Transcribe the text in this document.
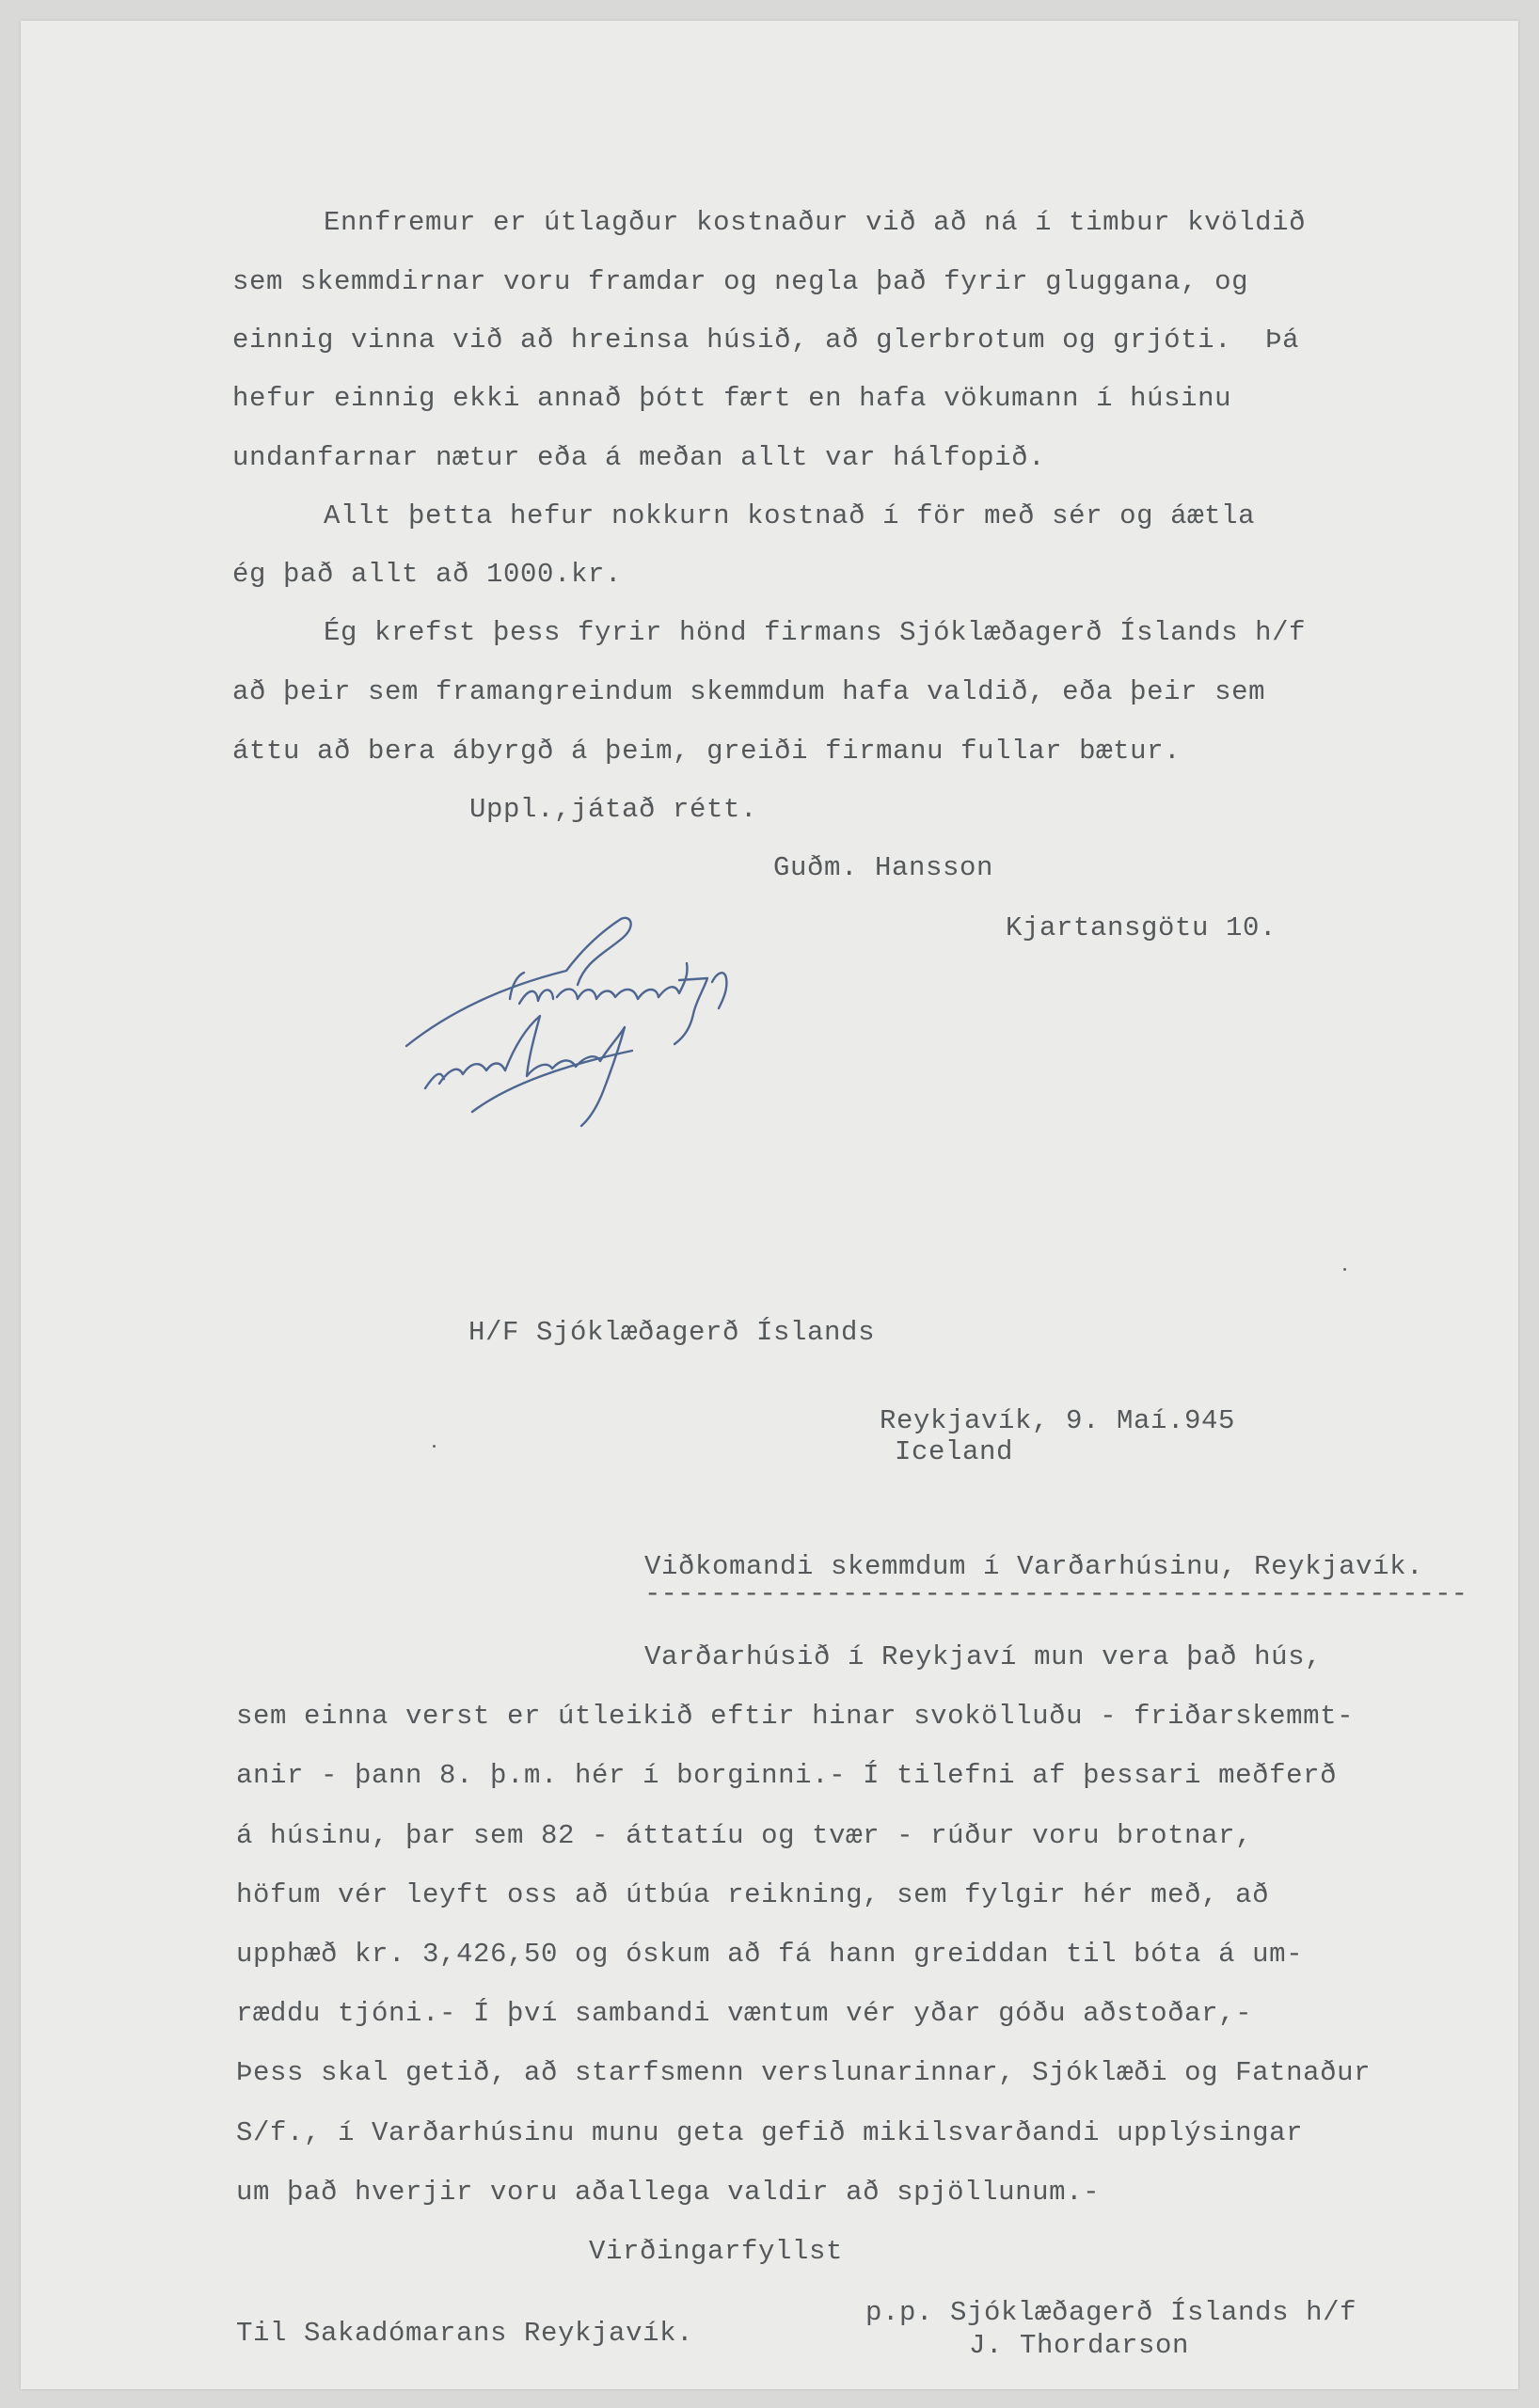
Ennfremur er útlagður kostnaður við að ná í timbur kvöldið
sem skemmdirnar voru framdar og negla það fyrir gluggana, og
einnig vinna við að hreinsa húsið, að glerbrotum og grjóti.  Þá
hefur einnig ekki annað þótt fært en hafa vökumann í húsinu
undanfarnar nætur eða á meðan allt var hálfopið.
Allt þetta hefur nokkurn kostnað í för með sér og áætla
ég það allt að 1000.kr.
Ég krefst þess fyrir hönd firmans Sjóklæðagerð Íslands h/f
að þeir sem framangreindum skemmdum hafa valdið, eða þeir sem
áttu að bera ábyrgð á þeim, greiði firmanu fullar bætur.
Uppl.,játað rétt.
Guðm. Hansson
Kjartansgötu 10.
H/F Sjóklæðagerð Íslands
Reykjavík, 9. Maí.945
Iceland
Viðkomandi skemmdum í Varðarhúsinu, Reykjavík.
--------------------------------------------------
Varðarhúsið í Reykjaví mun vera það hús,
sem einna verst er útleikið eftir hinar svokölluðu - friðarskemmt-
anir - þann 8. þ.m. hér í borginni.- Í tilefni af þessari meðferð
á húsinu, þar sem 82 - áttatíu og tvær - rúður voru brotnar,
höfum vér leyft oss að útbúa reikning, sem fylgir hér með, að
upphæð kr. 3,426,50 og óskum að fá hann greiddan til bóta á um-
ræddu tjóni.- Í því sambandi væntum vér yðar góðu aðstoðar,-
Þess skal getið, að starfsmenn verslunarinnar, Sjóklæði og Fatnaður
S/f., í Varðarhúsinu munu geta gefið mikilsvarðandi upplýsingar
um það hverjir voru aðallega valdir að spjöllunum.-
Virðingarfyllst
Til Sakadómarans Reykjavík.
p.p. Sjóklæðagerð Íslands h/f
J. Thordarson
